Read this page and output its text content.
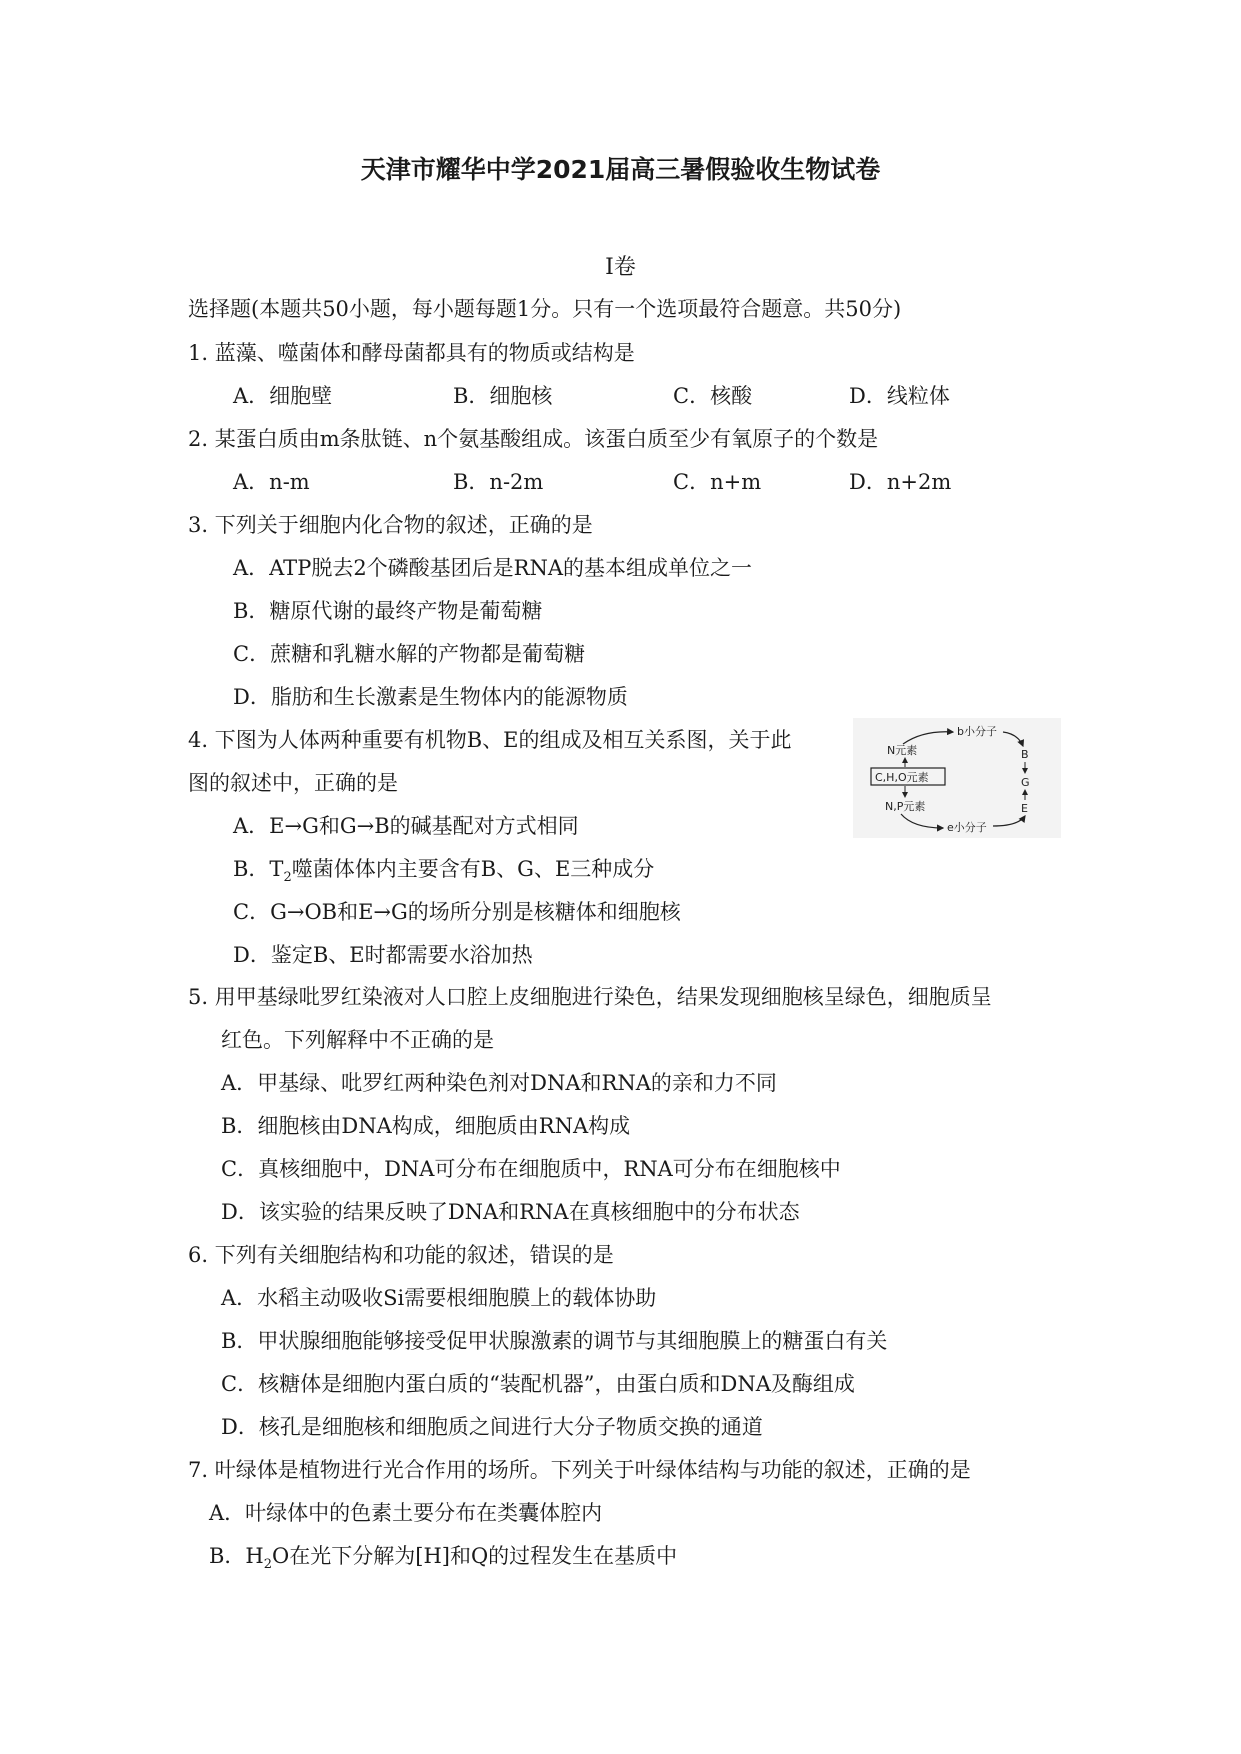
天津市耀华中学2021届高三暑假验收生物试卷
I卷
选择题(本题共50小题，每小题每题1分。只有一个选项最符合题意。共50分)
1. 蓝藻、噬菌体和酵母菌都具有的物质或结构是
A．细胞壁	B．细胞核	C．核酸	D．线粒体
2. 某蛋白质由m条肽链、n个氨基酸组成。该蛋白质至少有氧原子的个数是
A．n-m	B．n-2m	C．n+m	D．n+2m
3. 下列关于细胞内化合物的叙述，正确的是
A．ATP脱去2个磷酸基团后是RNA的基本组成单位之一
B．糖原代谢的最终产物是葡萄糖
C．蔗糖和乳糖水解的产物都是葡萄糖
D．脂肪和生长激素是生物体内的能源物质
4. 下图为人体两种重要有机物B、E的组成及相互关系图，关于此
图的叙述中，正确的是
A．E→G和G→B的碱基配对方式相同
B．$T_2$噬菌体体内主要含有B、G、E三种成分
C．G→OB和E→G的场所分别是核糖体和细胞核
D．鉴定B、E时都需要水浴加热
C,H,O元素
N元素
b小分子
B
G
E
N,P元素
e小分子
5. 用甲基绿吡罗红染液对人口腔上皮细胞进行染色，结果发现细胞核呈绿色，细胞质呈
红色。下列解释中不正确的是
A．甲基绿、吡罗红两种染色剂对DNA和RNA的亲和力不同
B．细胞核由DNA构成，细胞质由RNA构成
C．真核细胞中，DNA可分布在细胞质中，RNA可分布在细胞核中
D．该实验的结果反映了DNA和RNA在真核细胞中的分布状态
6. 下列有关细胞结构和功能的叙述，错误的是
A．水稻主动吸收Si需要根细胞膜上的载体协助
B．甲状腺细胞能够接受促甲状腺激素的调节与其细胞膜上的糖蛋白有关
C．核糖体是细胞内蛋白质的“装配机器”，由蛋白质和DNA及酶组成
D．核孔是细胞核和细胞质之间进行大分子物质交换的通道
7. 叶绿体是植物进行光合作用的场所。下列关于叶绿体结构与功能的叙述，正确的是
A．叶绿体中的色素土要分布在类囊体腔内
B．$H_2O$在光下分解为[H]和Q的过程发生在基质中
